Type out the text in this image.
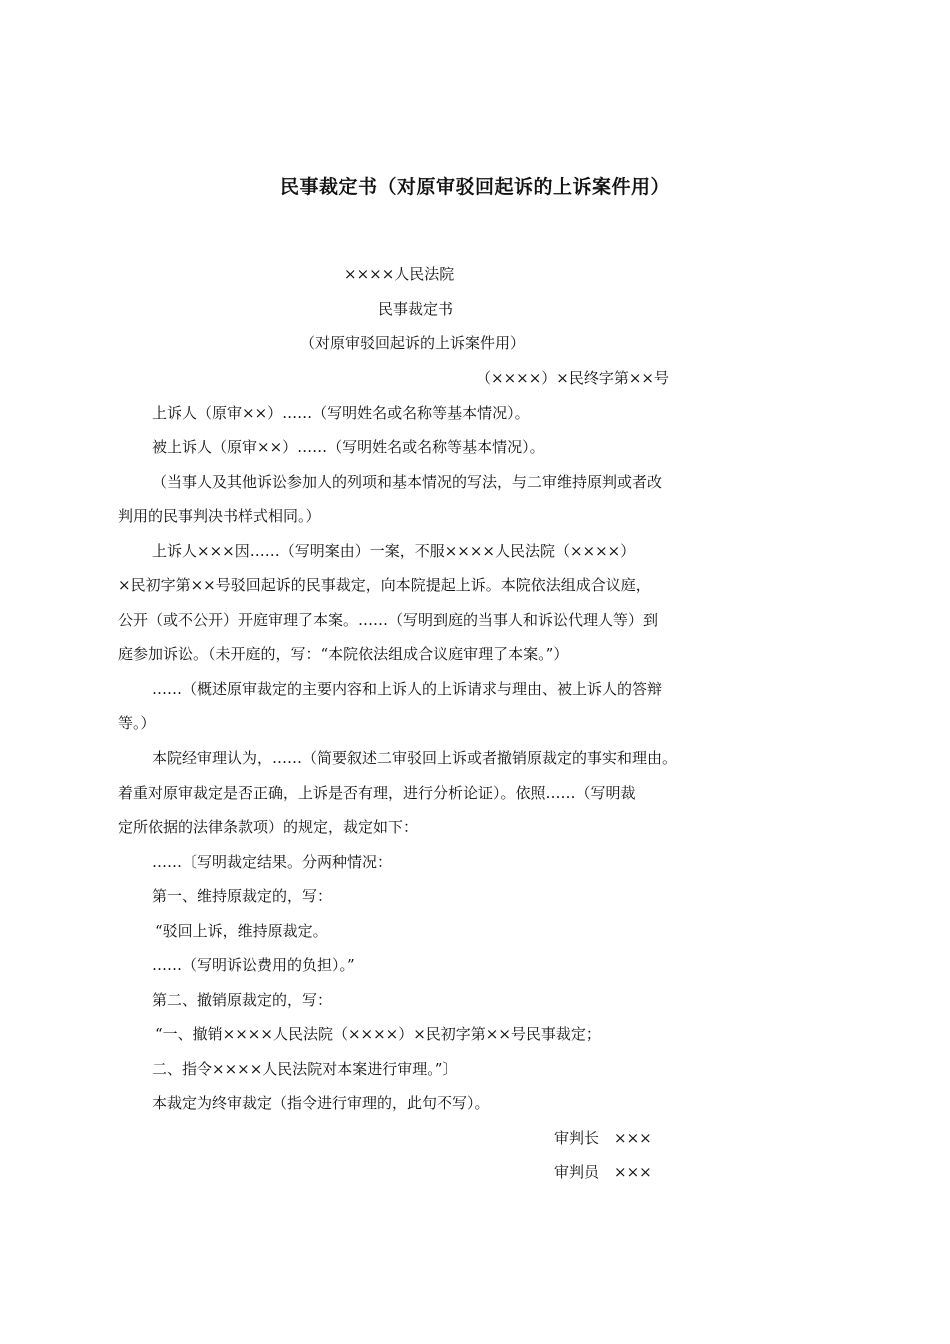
民事裁定书（对原审驳回起诉的上诉案件用）
××××人民法院
民事裁定书
（对原审驳回起诉的上诉案件用）
（××××）×民终字第××号
上诉人（原审××）……（写明姓名或名称等基本情况）。
被上诉人（原审××）……（写明姓名或名称等基本情况）。
（当事人及其他诉讼参加人的列项和基本情况的写法，与二审维持原判或者改
判用的民事判决书样式相同。）
上诉人×××因……（写明案由）一案，不服××××人民法院（××××）
×民初字第××号驳回起诉的民事裁定，向本院提起上诉。本院依法组成合议庭，
公开（或不公开）开庭审理了本案。……（写明到庭的当事人和诉讼代理人等）到
庭参加诉讼。（未开庭的，写：“本院依法组成合议庭审理了本案。”）
……（概述原审裁定的主要内容和上诉人的上诉请求与理由、被上诉人的答辩
等。）
本院经审理认为，……（简要叙述二审驳回上诉或者撤销原裁定的事实和理由。
着重对原审裁定是否正确，上诉是否有理，进行分析论证）。依照……（写明裁
定所依据的法律条款项）的规定，裁定如下：
……〔写明裁定结果。分两种情况：
第一、维持原裁定的，写：
“驳回上诉，维持原裁定。
……（写明诉讼费用的负担）。”
第二、撤销原裁定的，写：
“一、撤销××××人民法院（××××）×民初字第××号民事裁定；
二、指令××××人民法院对本案进行审理。”〕
本裁定为终审裁定（指令进行审理的，此句不写）。
审判长　×××
审判员　×××
